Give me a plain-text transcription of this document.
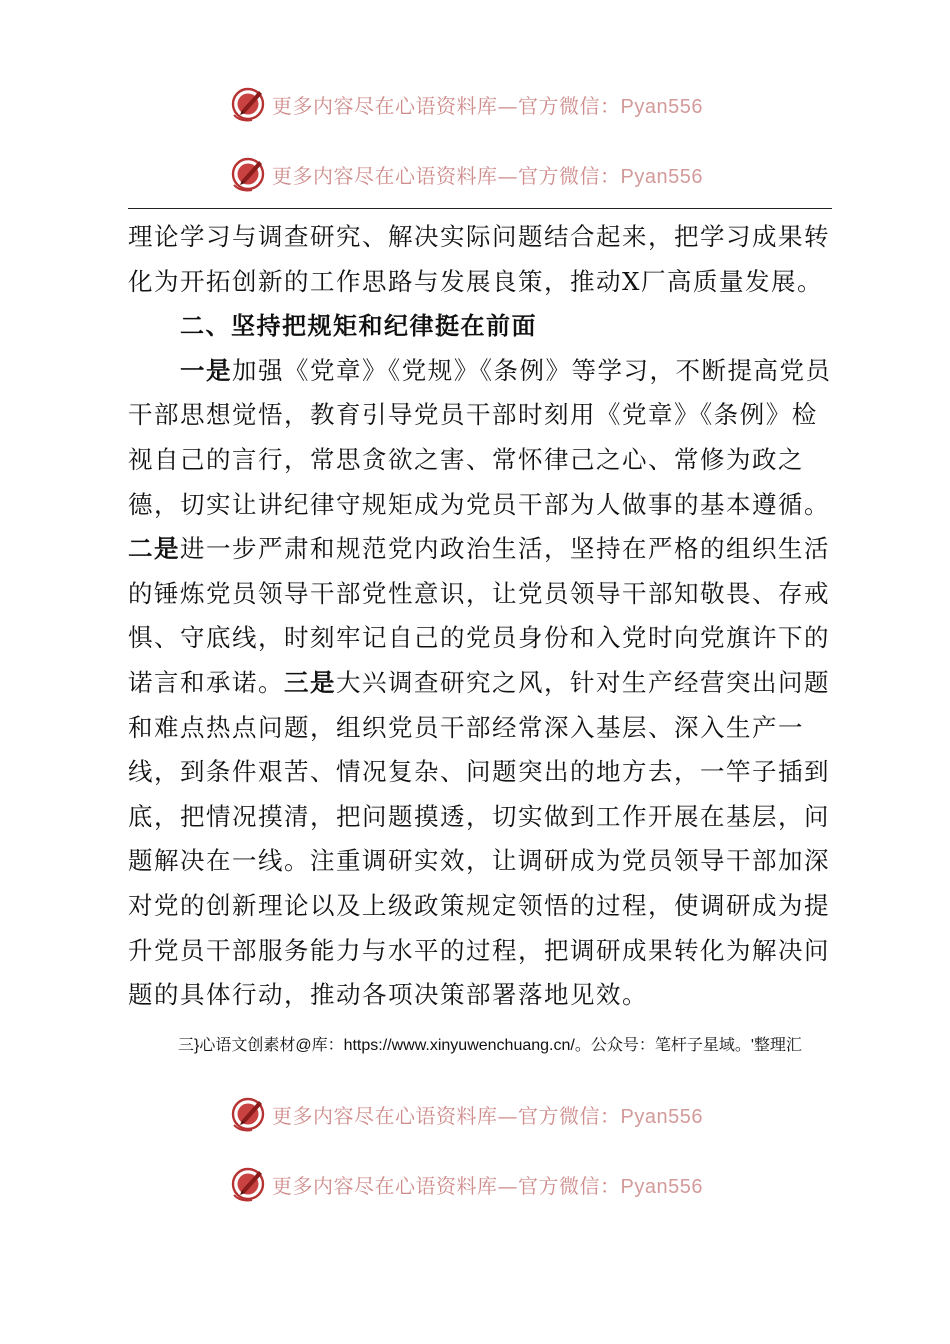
更多内容尽在心语资料库—官方微信：Pyan556
更多内容尽在心语资料库—官方微信：Pyan556

理论学习与调查研究、解决实际问题结合起来，把学习成果转化为开拓创新的工作思路与发展良策，推动X厂高质量发展。

二、坚持把规矩和纪律挺在前面

一是加强《党章》《党规》《条例》等学习，不断提高党员干部思想觉悟，教育引导党员干部时刻用《党章》《条例》检视自己的言行，常思贪欲之害、常怀律己之心、常修为政之德，切实让讲纪律守规矩成为党员干部为人做事的基本遵循。二是进一步严肃和规范党内政治生活，坚持在严格的组织生活的锤炼党员领导干部党性意识，让党员领导干部知敬畏、存戒惧、守底线，时刻牢记自己的党员身份和入党时向党旗许下的诺言和承诺。三是大兴调查研究之风，针对生产经营突出问题和难点热点问题，组织党员干部经常深入基层、深入生产一线，到条件艰苦、情况复杂、问题突出的地方去，一竿子插到底，把情况摸清，把问题摸透，切实做到工作开展在基层，问题解决在一线。注重调研实效，让调研成为党员领导干部加深对党的创新理论以及上级政策规定领悟的过程，使调研成为提升党员干部服务能力与水平的过程，把调研成果转化为解决问题的具体行动，推动各项决策部署落地见效。

三}心语文创素材@库：https://www.xinyuwenchuang.cn/。公众号：笔杆子星域。'整理汇
更多内容尽在心语资料库—官方微信：Pyan556
更多内容尽在心语资料库—官方微信：Pyan556
